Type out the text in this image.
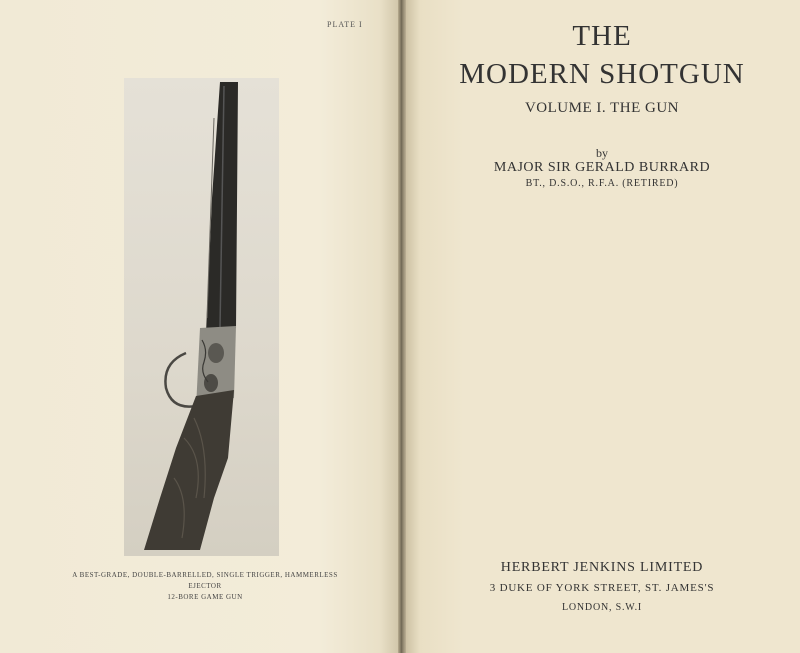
PLATE I
A BEST-GRADE, DOUBLE-BARRELLED, SINGLE TRIGGER, HAMMERLESS EJECTOR
12-BORE GAME GUN
THE
MODERN SHOTGUN
VOLUME I. THE GUN
by
MAJOR SIR GERALD BURRARD
BT., D.S.O., R.F.A. (RETIRED)
HERBERT JENKINS LIMITED
3 DUKE OF YORK STREET, ST. JAMES'S
LONDON, S.W.I
